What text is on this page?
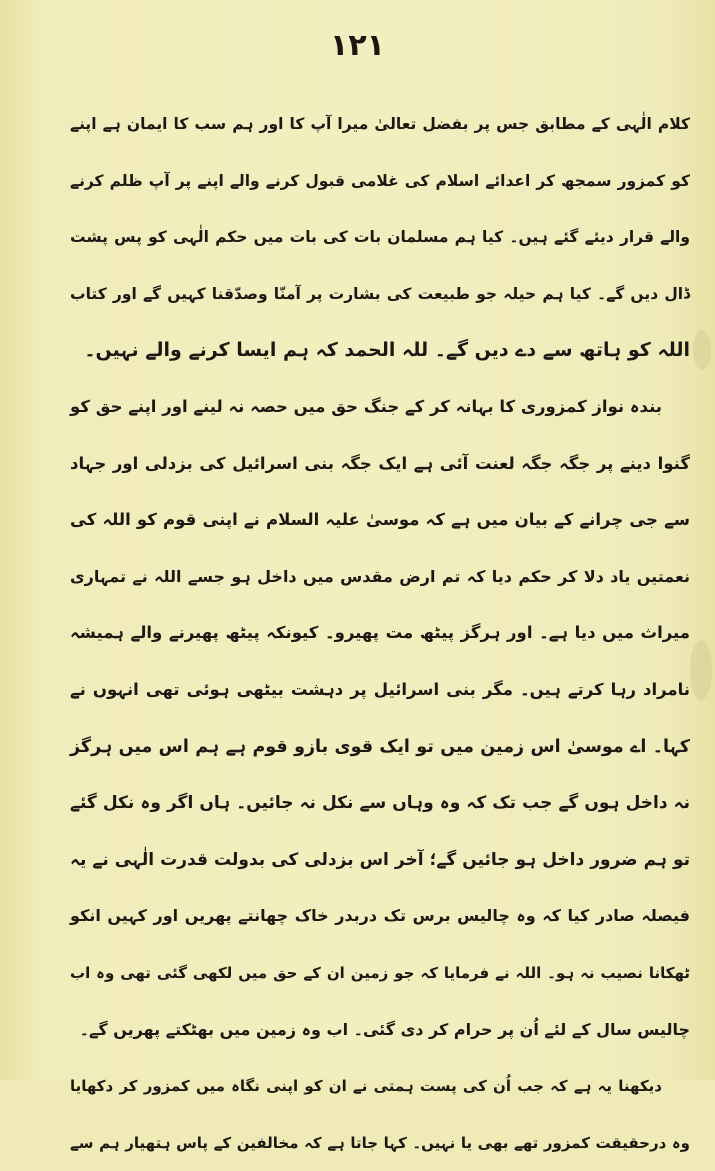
۱۲۱
کلام الٰہی کے مطابق جس پر بفضل تعالیٰ میرا آپ کا اور ہم سب کا ایمان ہے اپنے
کو کمزور سمجھ کر اعدائے اسلام کی غلامی قبول کرنے والے اپنے پر آپ ظلم کرنے
والے قرار دیئے گئے ہیں۔ کیا ہم مسلمان بات کی بات میں حکم الٰہی کو پس پشت
ڈال دیں گے۔ کیا ہم حیلہ جو طبیعت کی بشارت پر آمنّا وصدّقنا کہیں گے اور کتاب
اللہ کو ہاتھ سے دے دیں گے۔ للہ الحمد کہ ہم ایسا کرنے والے نہیں۔
بندہ نواز کمزوری کا بہانہ کر کے جنگ حق میں حصہ نہ لینے اور اپنے حق کو
گنوا دینے پر جگہ جگہ لعنت آئی ہے ایک جگہ بنی اسرائیل کی بزدلی اور جہاد
سے جی چرانے کے بیان میں ہے کہ موسیٰ علیہ السلام نے اپنی قوم کو اللہ کی
نعمتیں یاد دلا کر حکم دیا کہ تم ارض مقدس میں داخل ہو جسے اللہ نے تمہاری
میراث میں دیا ہے۔ اور ہرگز پیٹھ مت پھیرو۔ کیونکہ پیٹھ پھیرنے والے ہمیشہ
نامراد رہا کرتے ہیں۔ مگر بنی اسرائیل پر دہشت بیٹھی ہوئی تھی انہوں نے
کہا۔ اے موسیٰ اس زمین میں تو ایک قوی بازو قوم ہے ہم اس میں ہرگز
نہ داخل ہوں گے جب تک کہ وہ وہاں سے نکل نہ جائیں۔ ہاں اگر وہ نکل گئے
تو ہم ضرور داخل ہو جائیں گے؛ آخر اس بزدلی کی بدولت قدرت الٰہی نے یہ
فیصلہ صادر کیا کہ وہ چالیس برس تک دربدر خاک چھانتے پھریں اور کہیں انکو
ٹھکانا نصیب نہ ہو۔ اللہ نے فرمایا کہ جو زمین ان کے حق میں لکھی گئی تھی وہ اب
چالیس سال کے لئے اُن پر حرام کر دی گئی۔ اب وہ زمین میں بھٹکتے پھریں گے۔
دیکھنا یہ ہے کہ جب اُن کی پست ہمتی نے ان کو اپنی نگاہ میں کمزور کر دکھایا
وہ درحقیقت کمزور تھے بھی یا نہیں۔ کہا جاتا ہے کہ مخالفین کے پاس ہتھیار ہم سے
